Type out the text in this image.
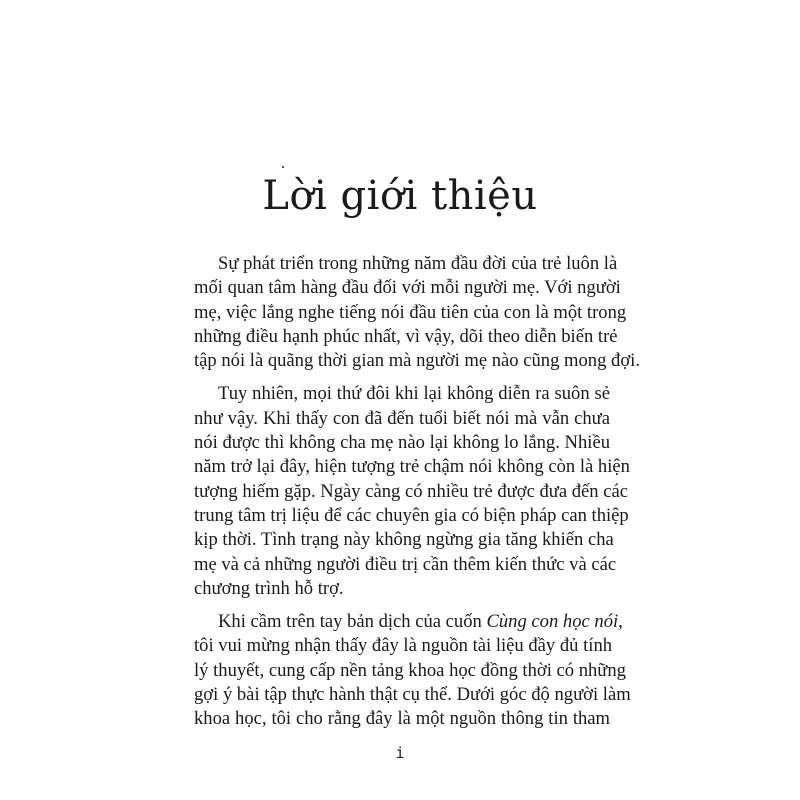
Lời giới thiệu

Sự phát triển trong những năm đầu đời của trẻ luôn là
mối quan tâm hàng đầu đối với mỗi người mẹ. Với người
mẹ, việc lắng nghe tiếng nói đầu tiên của con là một trong
những điều hạnh phúc nhất, vì vậy, dõi theo diễn biến trẻ
tập nói là quãng thời gian mà người mẹ nào cũng mong đợi.

Tuy nhiên, mọi thứ đôi khi lại không diễn ra suôn sẻ
như vậy. Khi thấy con đã đến tuổi biết nói mà vẫn chưa
nói được thì không cha mẹ nào lại không lo lắng. Nhiều
năm trở lại đây, hiện tượng trẻ chậm nói không còn là hiện
tượng hiếm gặp. Ngày càng có nhiều trẻ được đưa đến các
trung tâm trị liệu để các chuyên gia có biện pháp can thiệp
kịp thời. Tình trạng này không ngừng gia tăng khiến cha
mẹ và cả những người điều trị cần thêm kiến thức và các
chương trình hỗ trợ.

Khi cầm trên tay bản dịch của cuốn Cùng con học nói,
tôi vui mừng nhận thấy đây là nguồn tài liệu đầy đủ tính
lý thuyết, cung cấp nền tảng khoa học đồng thời có những
gợi ý bài tập thực hành thật cụ thể. Dưới góc độ người làm
khoa học, tôi cho rằng đây là một nguồn thông tin tham

i
